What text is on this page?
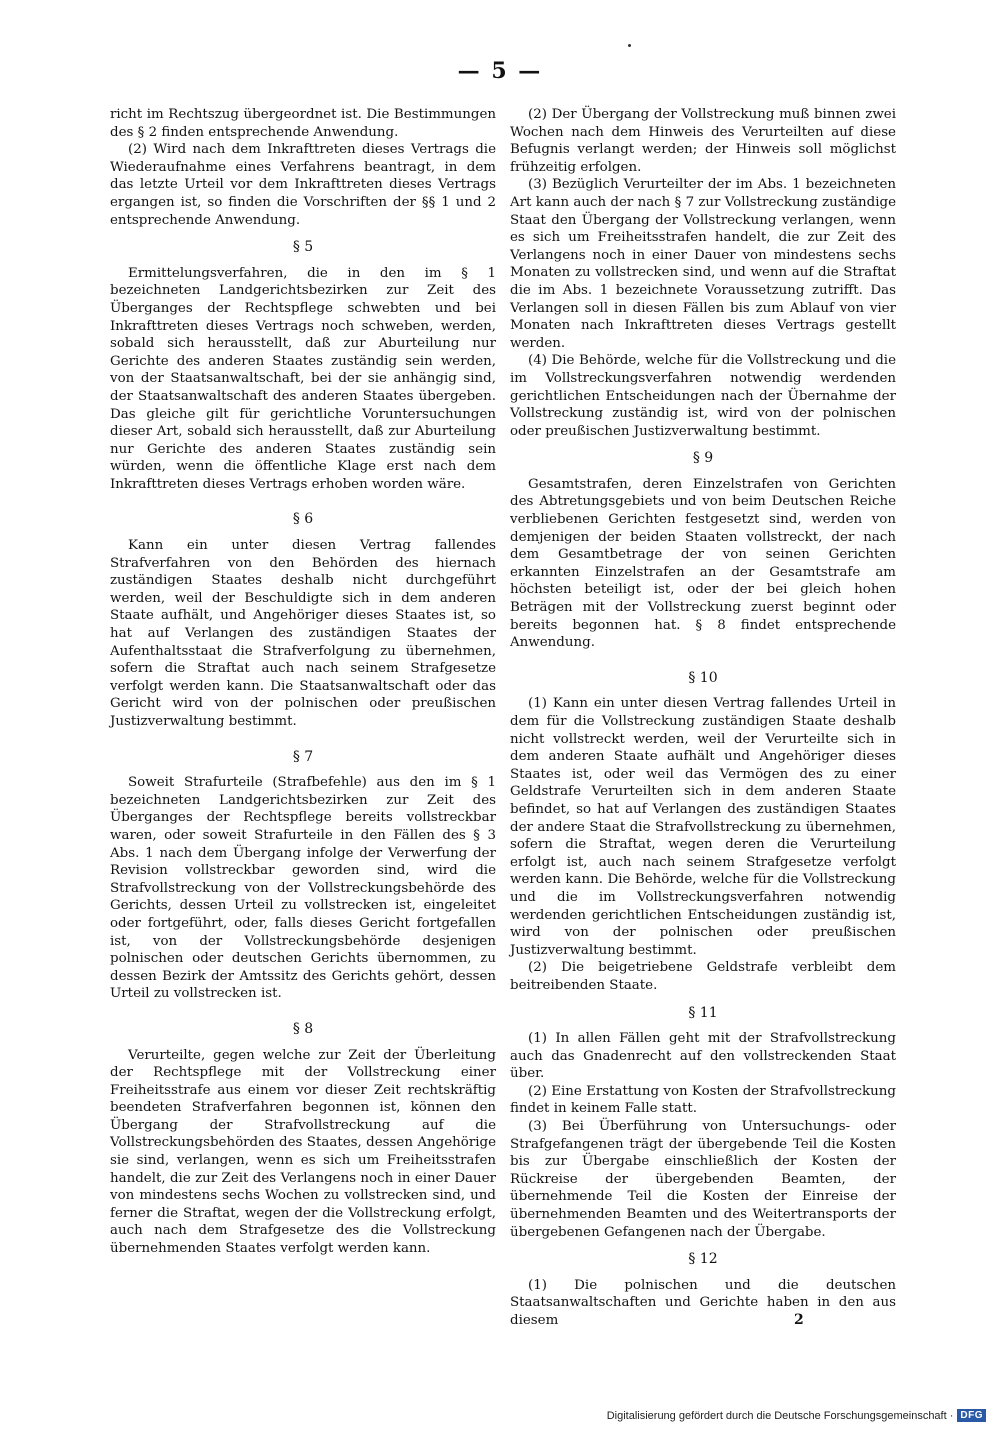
— 5 —

richt im Rechtszug übergeordnet ist. Die Bestimmungen des § 2 finden entsprechende Anwendung.

(2) Wird nach dem Inkrafttreten dieses Vertrags die Wiederaufnahme eines Verfahrens beantragt, in dem das letzte Urteil vor dem Inkrafttreten dieses Vertrags ergangen ist, so finden die Vorschriften der §§ 1 und 2 entsprechende Anwendung.

§ 5

Ermittelungsverfahren, die in den im § 1 bezeichneten Landgerichtsbezirken zur Zeit des Überganges der Rechtspflege schwebten und bei Inkrafttreten dieses Vertrags noch schweben, werden, sobald sich herausstellt, daß zur Aburteilung nur Gerichte des anderen Staates zuständig sein werden, von der Staatsanwaltschaft, bei der sie anhängig sind, der Staatsanwaltschaft des anderen Staates übergeben. Das gleiche gilt für gerichtliche Voruntersuchungen dieser Art, sobald sich herausstellt, daß zur Aburteilung nur Gerichte des anderen Staates zuständig sein würden, wenn die öffentliche Klage erst nach dem Inkrafttreten dieses Vertrags erhoben worden wäre.

§ 6

Kann ein unter diesen Vertrag fallendes Strafverfahren von den Behörden des hiernach zuständigen Staates deshalb nicht durchgeführt werden, weil der Beschuldigte sich in dem anderen Staate aufhält, und Angehöriger dieses Staates ist, so hat auf Verlangen des zuständigen Staates der Aufenthaltsstaat die Strafverfolgung zu übernehmen, sofern die Straftat auch nach seinem Strafgesetze verfolgt werden kann. Die Staatsanwaltschaft oder das Gericht wird von der polnischen oder preußischen Justizverwaltung bestimmt.

§ 7

Soweit Strafurteile (Strafbefehle) aus den im § 1 bezeichneten Landgerichtsbezirken zur Zeit des Überganges der Rechtspflege bereits vollstreckbar waren, oder soweit Strafurteile in den Fällen des § 3 Abs. 1 nach dem Übergang infolge der Verwerfung der Revision vollstreckbar geworden sind, wird die Strafvollstreckung von der Vollstreckungsbehörde des Gerichts, dessen Urteil zu vollstrecken ist, eingeleitet oder fortgeführt, oder, falls dieses Gericht fortgefallen ist, von der Vollstreckungsbehörde desjenigen polnischen oder deutschen Gerichts übernommen, zu dessen Bezirk der Amtssitz des Gerichts gehört, dessen Urteil zu vollstrecken ist.

§ 8

Verurteilte, gegen welche zur Zeit der Überleitung der Rechtspflege mit der Vollstreckung einer Freiheitsstrafe aus einem vor dieser Zeit rechtskräftig beendeten Strafverfahren begonnen ist, können den Übergang der Strafvollstreckung auf die Vollstreckungsbehörden des Staates, dessen Angehörige sie sind, verlangen, wenn es sich um Freiheitsstrafen handelt, die zur Zeit des Verlangens noch in einer Dauer von mindestens sechs Wochen zu vollstrecken sind, und ferner die Straftat, wegen der die Vollstreckung erfolgt, auch nach dem Strafgesetze des die Vollstreckung übernehmenden Staates verfolgt werden kann.

(2) Der Übergang der Vollstreckung muß binnen zwei Wochen nach dem Hinweis des Verurteilten auf diese Befugnis verlangt werden; der Hinweis soll möglichst frühzeitig erfolgen.

(3) Bezüglich Verurteilter der im Abs. 1 bezeichneten Art kann auch der nach § 7 zur Vollstreckung zuständige Staat den Übergang der Vollstreckung verlangen, wenn es sich um Freiheitsstrafen handelt, die zur Zeit des Verlangens noch in einer Dauer von mindestens sechs Monaten zu vollstrecken sind, und wenn auf die Straftat die im Abs. 1 bezeichnete Voraussetzung zutrifft. Das Verlangen soll in diesen Fällen bis zum Ablauf von vier Monaten nach Inkrafttreten dieses Vertrags gestellt werden.

(4) Die Behörde, welche für die Vollstreckung und die im Vollstreckungsverfahren notwendig werdenden gerichtlichen Entscheidungen nach der Übernahme der Vollstreckung zuständig ist, wird von der polnischen oder preußischen Justizverwaltung bestimmt.

§ 9

Gesamtstrafen, deren Einzelstrafen von Gerichten des Abtretungsgebiets und von beim Deutschen Reiche verbliebenen Gerichten festgesetzt sind, werden von demjenigen der beiden Staaten vollstreckt, der nach dem Gesamtbetrage der von seinen Gerichten erkannten Einzelstrafen an der Gesamtstrafe am höchsten beteiligt ist, oder der bei gleich hohen Beträgen mit der Vollstreckung zuerst beginnt oder bereits begonnen hat. § 8 findet entsprechende Anwendung.

§ 10

(1) Kann ein unter diesen Vertrag fallendes Urteil in dem für die Vollstreckung zuständigen Staate deshalb nicht vollstreckt werden, weil der Verurteilte sich in dem anderen Staate aufhält und Angehöriger dieses Staates ist, oder weil das Vermögen des zu einer Geldstrafe Verurteilten sich in dem anderen Staate befindet, so hat auf Verlangen des zuständigen Staates der andere Staat die Strafvollstreckung zu übernehmen, sofern die Straftat, wegen deren die Verurteilung erfolgt ist, auch nach seinem Strafgesetze verfolgt werden kann. Die Behörde, welche für die Vollstreckung und die im Vollstreckungsverfahren notwendig werdenden gerichtlichen Entscheidungen zuständig ist, wird von der polnischen oder preußischen Justizverwaltung bestimmt.

(2) Die beigetriebene Geldstrafe verbleibt dem beitreibenden Staate.

§ 11

(1) In allen Fällen geht mit der Strafvollstreckung auch das Gnadenrecht auf den vollstreckenden Staat über.

(2) Eine Erstattung von Kosten der Strafvollstreckung findet in keinem Falle statt.

(3) Bei Überführung von Untersuchungs- oder Strafgefangenen trägt der übergebende Teil die Kosten bis zur Übergabe einschließlich der Kosten der Rückreise der übergebenden Beamten, der übernehmende Teil die Kosten der Einreise der übernehmenden Beamten und des Weitertransports der übergebenen Gefangenen nach der Übergabe.

§ 12

(1) Die polnischen und die deutschen Staatsanwaltschaften und Gerichte haben in den aus diesem	2
Digitalisierung gefördert durch die Deutsche Forschungsgemeinschaft · DFG
